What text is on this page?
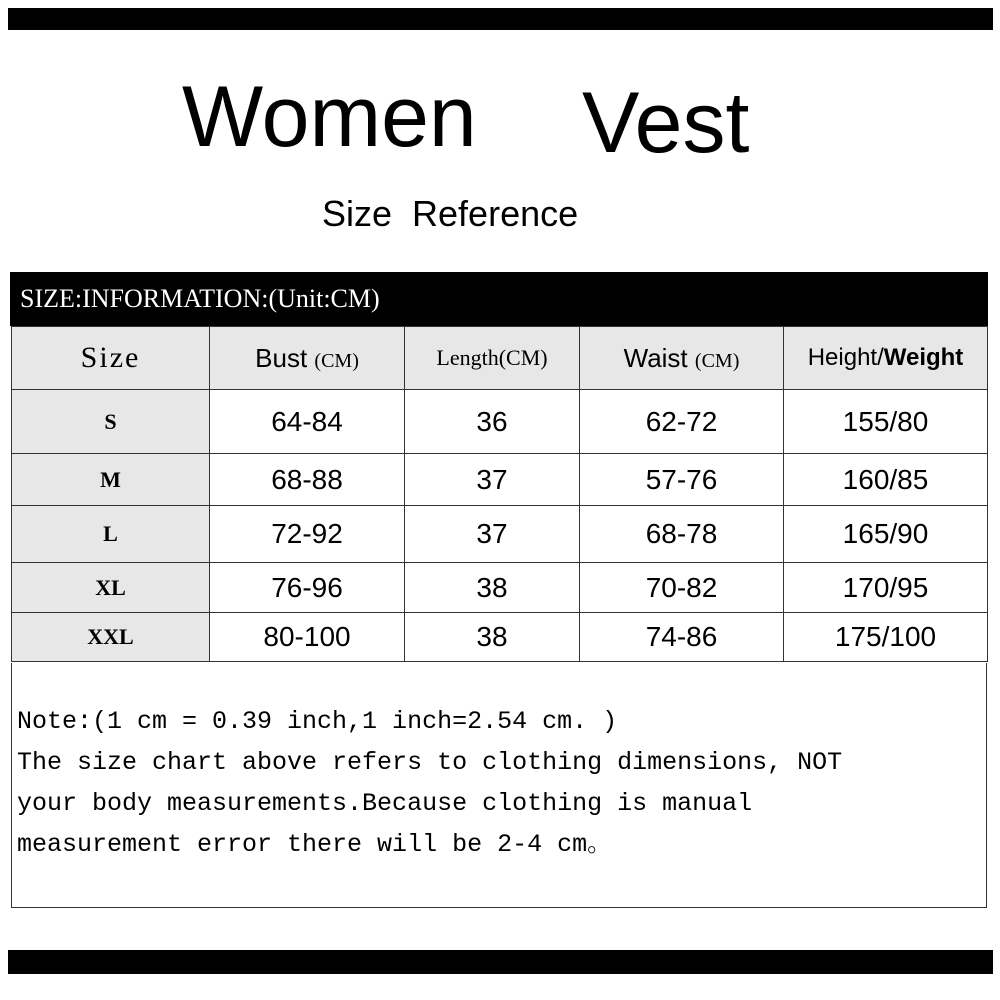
Women Vest
Size Reference
SIZE:INFORMATION:(Unit:CM)
Size	Bust (CM)	Length(CM)	Waist (CM)	Height/Weight
S	64-84	36	62-72	155/80
M	68-88	37	57-76	160/85
L	72-92	37	68-78	165/90
XL	76-96	38	70-82	170/95
XXL	80-100	38	74-86	175/100
Note:(1 cm = 0.39 inch,1 inch=2.54 cm. )
The size chart above refers to clothing dimensions, NOT
your body measurements.Because clothing is manual
measurement error there will be 2-4 cm。
